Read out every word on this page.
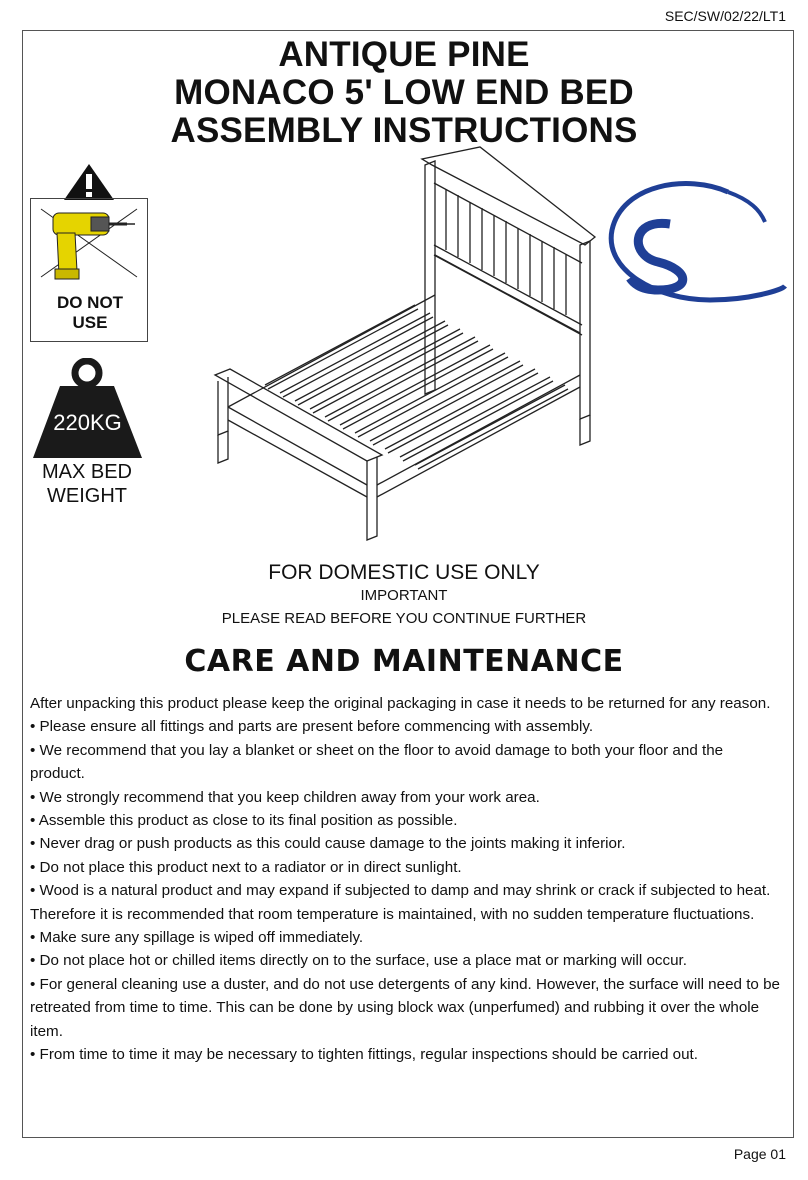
SEC/SW/02/22/LT1
ANTIQUE PINE
MONACO 5' LOW END BED
ASSEMBLY INSTRUCTIONS
DO NOT
USE
220KG
MAX BED
WEIGHT
FOR DOMESTIC USE ONLY
IMPORTANT
PLEASE READ BEFORE YOU CONTINUE FURTHER
CARE AND MAINTENANCE

After unpacking this product please keep the original packaging in case it needs to be returned for any reason.

• Please ensure all fittings and parts are present before commencing with assembly.

• We recommend that you lay a blanket or sheet on the floor to avoid damage to both your floor and the product.

• We strongly recommend that you keep children away from your work area.

• Assemble this product as close to its final position as possible.

• Never drag or push products as this could cause damage to the joints making it inferior.

• Do not place this product next to a radiator or in direct sunlight.

• Wood is a natural product and may expand if subjected to damp and may shrink or crack if subjected to heat. Therefore it is recommended that room temperature is maintained, with no sudden temperature fluctuations.

• Make sure any spillage is wiped off immediately.

• Do not place hot or chilled items directly on to the surface, use a place mat or marking will occur.

• For general cleaning use a duster, and do not use detergents of any kind. However, the surface will need to be retreated from time to time. This can be done by using block wax (unperfumed) and rubbing it over the whole item.

• From time to time it may be necessary to tighten fittings, regular inspections should be carried out.

Page 01
